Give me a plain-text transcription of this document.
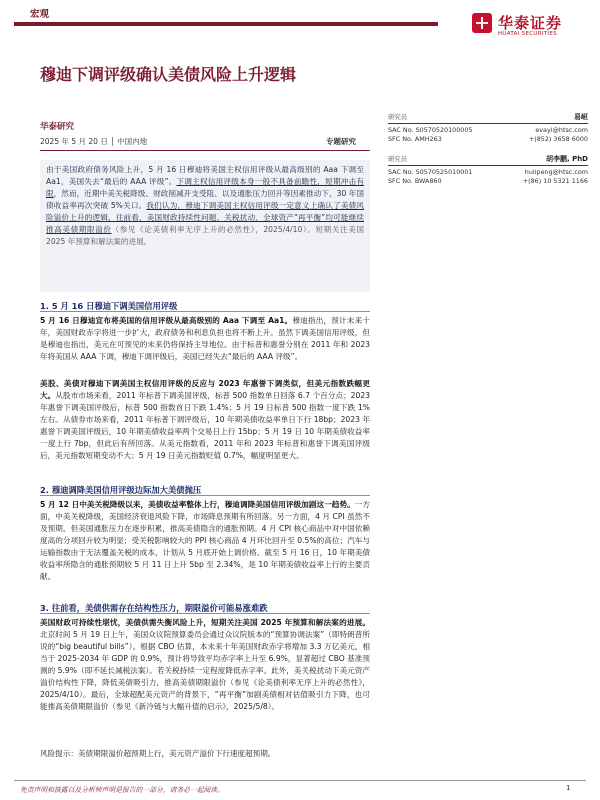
宏观	华泰证券
HUATAI SECURITIES
穆迪下调评级确认美债风险上升逻辑
华泰研究
2025 年 5 月 20 日 │ 中国内地	专题研究
研究员	易峘
SAC No. S0570520100005	evayi@htsc.com
SFC No. AMH263	+(852) 3658 6000
研究员	胡李鹏, PhD
SAC No. S0570525010001	hulipeng@htsc.com
SFC No. BWA860	+(86) 10 5321 1166
由于美国政府债务风险上升，5 月 16 日穆迪将美国主权信用评级从最高级别的 Aaa 下调至 Aa1，美国失去“最后的 AAA 评级”。下调主权信用评级本身一般不具备前瞻性，短期冲击有限，然而，近期中美关税降级、财政削减开支受阻、以及通胀压力回升等因素推动下，30 年国债收益率再次突破 5%关口。我们认为，穆迪下调美国主权信用评级一定意义上确认了美债风险溢价上升的逻辑，往前看，美国财政持续性问题、关税扰动、全球资产“再平衡”均可能继续推高美债期限溢价（参见《论美债利率无序上升的必然性》，2025/4/10）。短期关注美国 2025 年预算和解法案的进展。
1. 5 月 16 日穆迪下调美国信用评级
5 月 16 日穆迪宣布将美国的信用评级从最高级别的 Aaa 下调至 Aa1。穆迪指出，预计未来十年，美国财政赤字将进一步扩大，政府债务和利息负担也将不断上升。虽然下调美国信用评级，但是穆迪也指出，美元在可预见的未来仍将保持主导地位。由于标普和惠誉分别在 2011 年和 2023 年将美国从 AAA 下调，穆迪下调评级后，美国已经失去“最后的 AAA 评级”。
美股、美债对穆迪下调美国主权信用评级的反应与 2023 年惠誉下调类似，但美元指数跌幅更大。从股市市场来看，2011 年标普下调美国评级，标普 500 指数单日回落 6.7 个百分点；2023 年惠誉下调美国评级后，标普 500 指数首日下跌 1.4%；5 月 19 日标普 500 指数一度下跌 1%左右。从债券市场来看，2011 年标普下调评级后，10 年期美债收益率单日下行 18bp；2023 年惠誉下调美国评级后，10 年期美债收益率两个交易日上行 15bp；5 月 19 日 10 年期美债收益率一度上行 7bp，但此后有所回落。从美元指数看，2011 年和 2023 年标普和惠誉下调美国评级后，美元指数短期变动不大；5 月 19 日美元指数贬值 0.7%，幅度明显更大。
2. 穆迪调降美国信用评级边际加大美债抛压
5 月 12 日中美关税降级以来，美债收益率整体上行，穆迪调降美国信用评级加剧这一趋势。一方面，中美关税降级，美国经济衰退风险下降，市场降息预期有所回落。另一方面，4 月 CPI 虽然不及预期，但美国通胀压力在逐步积累，推高美债隐含的通胀预期。4 月 CPI 核心商品中对中国依赖度高的分项回升较为明显；受关税影响较大的 PPI 核心商品 4 月环比回升至 0.5%的高位；汽车与运输指数由于无法覆盖关税的成本，计划从 5 月底开始上调价格。截至 5 月 16 日，10 年期美债收益率所隐含的通胀预期较 5 月 11 日上升 5bp 至 2.34%，是 10 年期美债收益率上行的主要贡献。
3. 往前看，美债供需存在结构性压力，期限溢价可能易涨难跌
美国财政可持续性堪忧，美债供需失衡风险上升，短期关注美国 2025 年预算和解法案的进展。北京时间 5 月 19 日上午，美国众议院预算委员会通过众议院版本的“预算协调法案”（即特朗普所说的“big beautiful bills”）。根据 CBO 估算，本未来十年美国财政赤字将增加 3.3 万亿美元，相当于 2025-2034 年 GDP 的 0.9%，预计将导致平均赤字率上升至 6.9%，显著超过 CBO 基准预测的 5.9%（即不延长减税法案）。若关税持续一定程度降低赤字率。此外，美关税扰动下美元资产溢价结构性下降，降低美债吸引力，推高美债期限溢价（参见《论美债利率无序上升的必然性》，2025/4/10）。最后，全球超配美元资产的背景下，“再平衡”加剧美债相对估值吸引力下降，也可能推高美债期限溢价（参见《新冷链与大幅升值的启示》，2025/5/8）。
风险提示：美债期限溢价超预期上行，美元资产溢价下行速度超预期。
免责声明和披露以及分析师声明是报告的一部分，请务必一起阅读。	1
